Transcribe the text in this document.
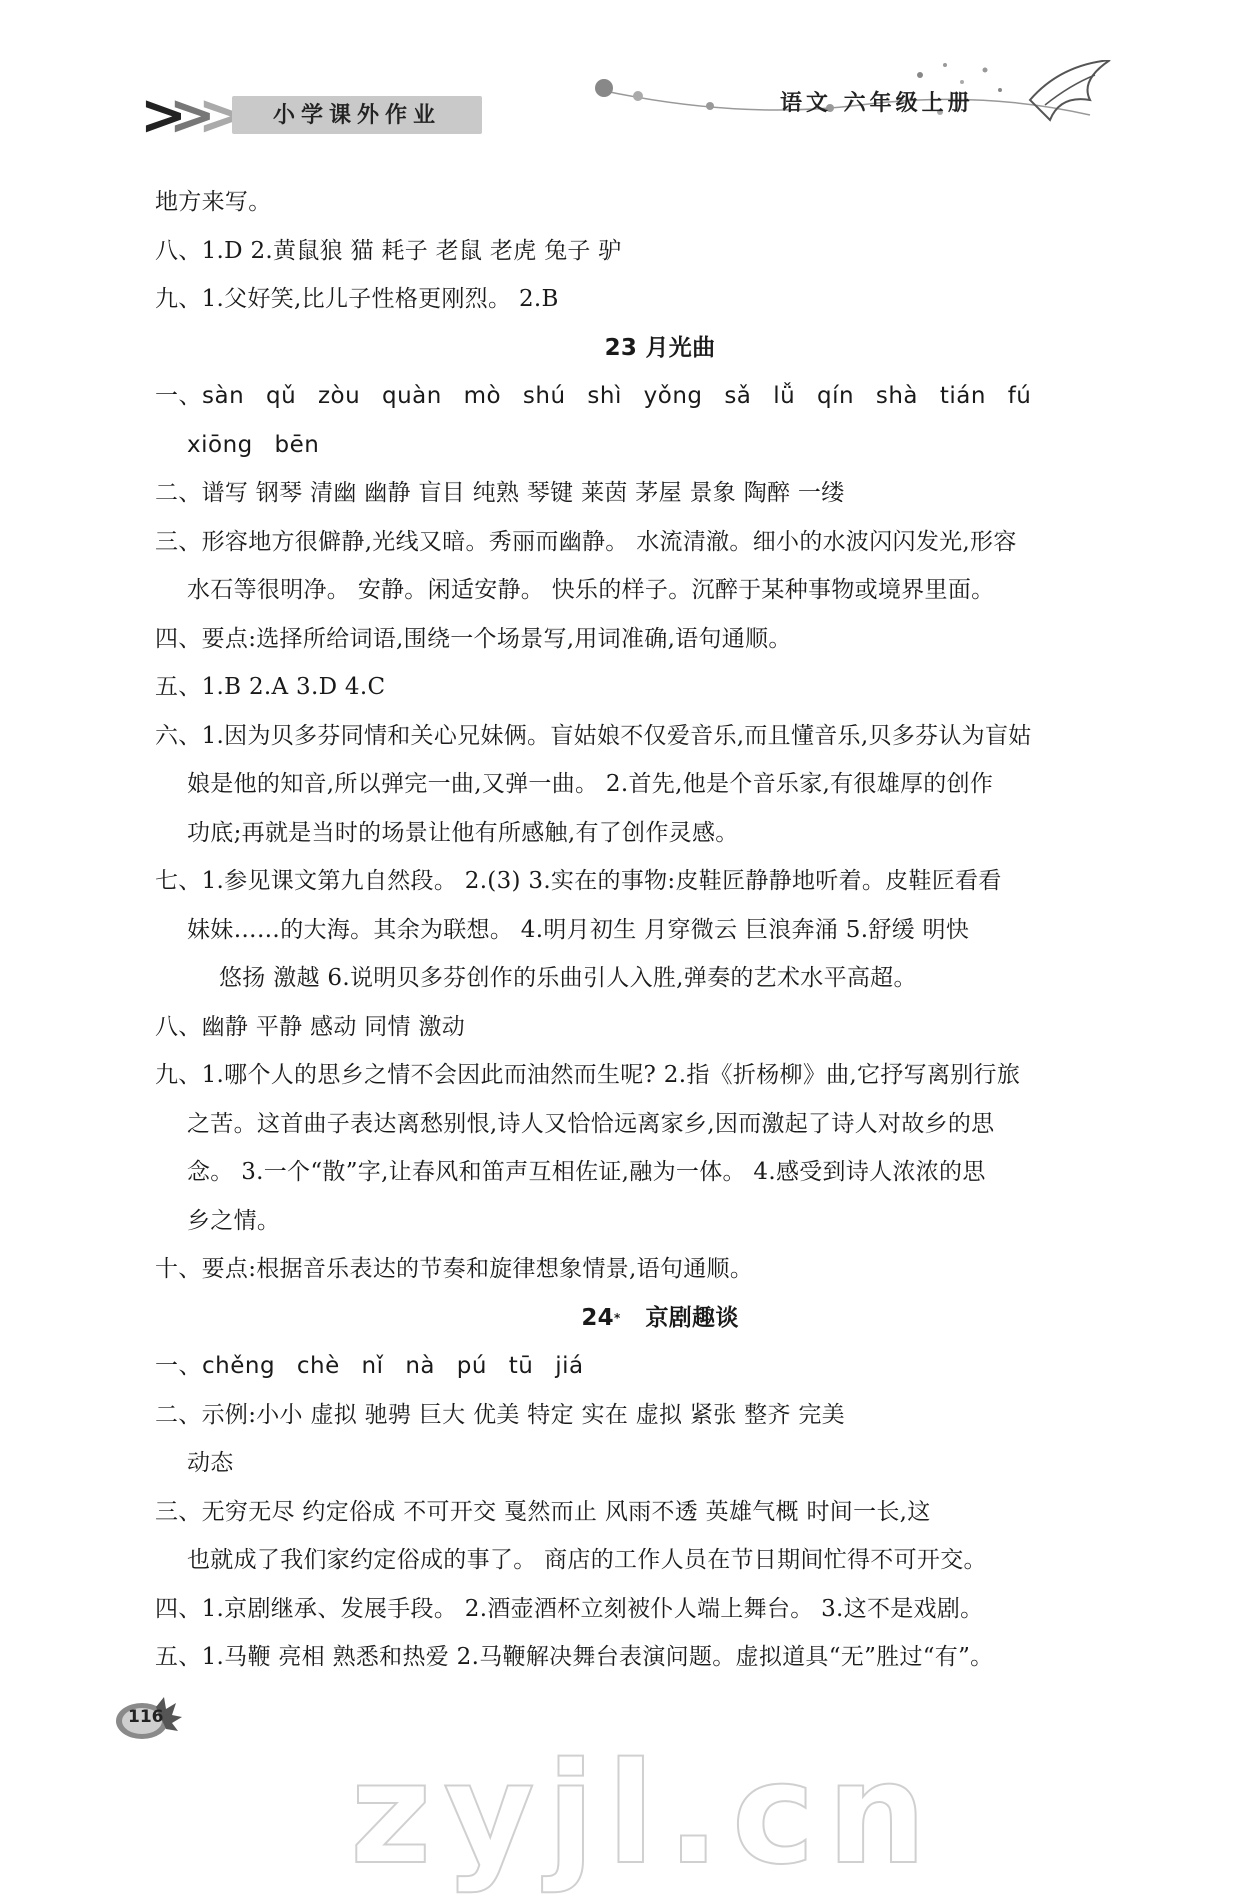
>>>	小学课外作业	语文 六年级上册
地方来写。
八、1.D 2.黄鼠狼 猫 耗子 老鼠 老虎 兔子 驴
九、1.父好笑,比儿子性格更刚烈。 2.B
23 月光曲
一、sàn qǔ zòu quàn mò shú shì yǒng sǎ lǚ qín shà tián fú
xiōng bēn
二、谱写 钢琴 清幽 幽静 盲目 纯熟 琴键 莱茵 茅屋 景象 陶醉 一缕
三、形容地方很僻静,光线又暗。秀丽而幽静。 水流清澈。细小的水波闪闪发光,形容
水石等很明净。 安静。闲适安静。 快乐的样子。沉醉于某种事物或境界里面。
四、要点:选择所给词语,围绕一个场景写,用词准确,语句通顺。
五、1.B 2.A 3.D 4.C
六、1.因为贝多芬同情和关心兄妹俩。盲姑娘不仅爱音乐,而且懂音乐,贝多芬认为盲姑
娘是他的知音,所以弹完一曲,又弹一曲。 2.首先,他是个音乐家,有很雄厚的创作
功底;再就是当时的场景让他有所感触,有了创作灵感。
七、1.参见课文第九自然段。 2.(3) 3.实在的事物:皮鞋匠静静地听着。皮鞋匠看看
妹妹……的大海。其余为联想。 4.明月初生 月穿微云 巨浪奔涌 5.舒缓 明快
悠扬 激越 6.说明贝多芬创作的乐曲引人入胜,弹奏的艺术水平高超。
八、幽静 平静 感动 同情 激动
九、1.哪个人的思乡之情不会因此而油然而生呢? 2.指《折杨柳》曲,它抒写离别行旅
之苦。这首曲子表达离愁别恨,诗人又恰恰远离家乡,因而激起了诗人对故乡的思
念。 3.一个“散”字,让春风和笛声互相佐证,融为一体。 4.感受到诗人浓浓的思
乡之情。
十、要点:根据音乐表达的节奏和旋律想象情景,语句通顺。
24* 京剧趣谈
一、chěng chè nǐ nà pú tū jiá
二、示例:小小 虚拟 驰骋 巨大 优美 特定 实在 虚拟 紧张 整齐 完美
动态
三、无穷无尽 约定俗成 不可开交 戛然而止 风雨不透 英雄气概 时间一长,这
也就成了我们家约定俗成的事了。 商店的工作人员在节日期间忙得不可开交。
四、1.京剧继承、发展手段。 2.酒壶酒杯立刻被仆人端上舞台。 3.这不是戏剧。
五、1.马鞭 亮相 熟悉和热爱 2.马鞭解决舞台表演问题。虚拟道具“无”胜过“有”。
116
zyjl.cn
